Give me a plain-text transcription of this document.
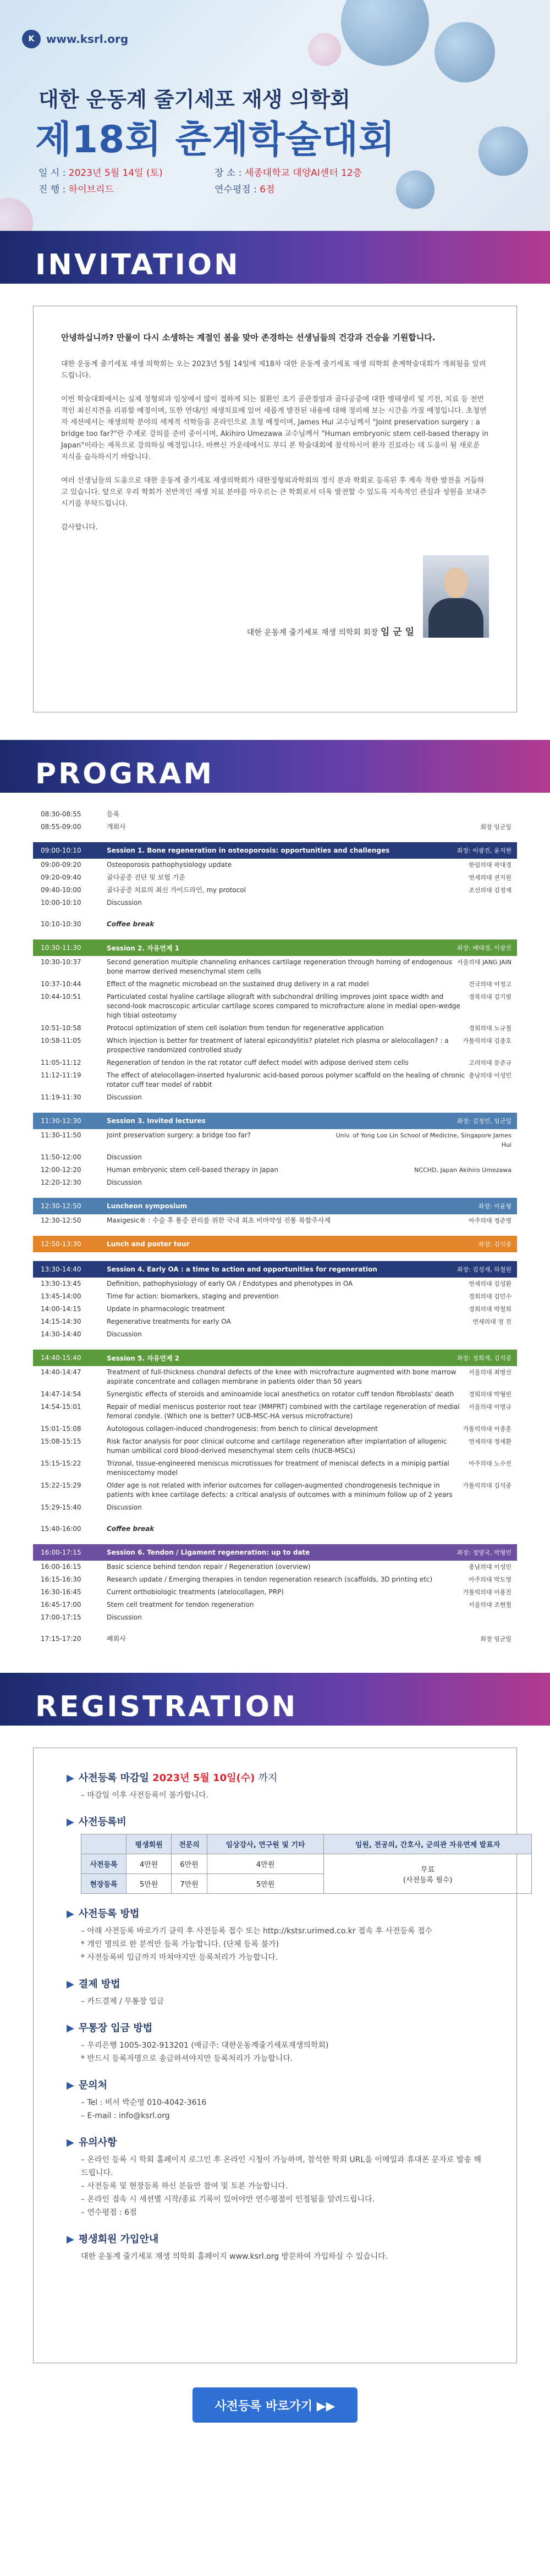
K	www.ksrl.org
대한 운동계 줄기세포 재생 의학회
제18회 춘계학술대회
일 시 : 2023년 5월 14일 (토)	장 소 : 세종대학교 대양AI센터 12층
진 행 : 하이브리드	연수평점 : 6점
INVITATION

안녕하십니까? 만물이 다시 소생하는 계절인 봄을 맞아 존경하는 선생님들의 건강과 건승을 기원합니다.

대한 운동계 줄기세포 재생 의학회는 오는 2023년 5월 14일에 제18차 대한 운동계 줄기세포 재생 의학회 춘계학술대회가 개최됨을 알려드립니다.

이번 학술대회에서는 실제 정형외과 임상에서 많이 접하게 되는 질환인 조기 골관절염과 골다공증에 대한 병태생리 및 기전, 치료 등 전반적인 최신지견을 리뷰할 예정이며, 또한 연대/인 재생치료에 있어 새롭게 발전된 내용에 대해 정리해 보는 시간을 가질 예정입니다. 초청연자 세션에서는 재생의학 분야의 세계적 석학들을 온라인으로 초청 예정이며, James Hui 교수님께서 "Joint preservation surgery : a bridge too far?"란 주제로 강의를 준비 중이시며, Akihiro Umezawa 교수님께서 "Human embryonic stem cell-based therapy in Japan"이라는 제목으로 강의하실 예정입니다. 바쁘신 가운데에서도 부디 본 학술대회에 참석하시어 환자 진료라는 데 도움이 될 새로운 지식을 습득하시기 바랍니다.

여러 선생님들의 도움으로 대한 운동계 줄기세포 재생의학회가 대한정형외과학회의 정식 분과 학회로 등록된 후 계속 착한 발전을 거듭하고 있습니다. 앞으로 우리 학회가 전반적인 재생 치료 분야를 아우르는 큰 학회로서 더욱 발전할 수 있도록 지속적인 관심과 성원을 보내주시기를 부탁드립니다.

감사합니다.

대한 운동계 줄기세포 재생 의학회 회장 임 군 일
PROGRAM
08:30-08:55	등록
08:55-09:00	개회사	회장 임군일
09:00-10:10	Session 1. Bone regeneration in osteoporosis: opportunities and challenges	좌장: 이광진, 윤지현
09:00-09:20	Osteoporosis pathophysiology update	한림의대 곽대경
09:20-09:40	골다공증 진단 및 보험 기준	연세의대 권지원
09:40-10:00	골다공증 치료의 최신 가이드라인, my protocol	조선의대 김정재
10:00-10:10	Discussion
10:10-10:30	Coffee break
10:30-11:30	Session 2. 자유연제 1	좌장: 배대경, 이광진
10:30-10:37	Second generation multiple channeling enhances cartilage regeneration through homing of endogenous bone marrow derived mesenchymal stem cells
서울의대 JANG JAIN
10:37-10:44	Effect of the magnetic microbead on the sustained drug delivery in a rat model	건국의대 이정고
10:44-10:51	Particulated costal hyaline cartilage allograft with subchondral drilling improves joint space width and second-look macroscopic articular cartilage scores compared to microfracture alone in medial open-wedge high tibial osteotomy
경북의대 김기범
10:51-10:58	Protocol optimization of stem cell isolation from tendon for regenerative application	경희의대 노규철
10:58-11:05	Which injection is better for treatment of lateral epicondylitis? platelet rich plasma or alelocollagen? : a prospective randomized controlled study
가톨릭의대 김종호
11:05-11:12	Regeneration of tendon in the rat rotator cuff defect model with adipose derived stem cells	고려의대 문준규
11:12-11:19	The effect of atelocollagen-inserted hyaluronic acid-based porous polymer scaffold on the healing of chronic rotator cuff tear model of rabbit
충남의대 이성민
11:19-11:30	Discussion
11:30-12:30	Session 3. Invited lectures	좌장: 김정민, 임군일
11:30-11:50	Joint preservation surgery: a bridge too far?	Univ. of Yong Loo Lin School of Medicine, Singapore James Hui
11:50-12:00	Discussion
12:00-12:20	Human embryonic stem cell-based therapy in Japan	NCCHD, Japan Akihiro Umezawa
12:20-12:30	Discussion
12:30-12:50	Luncheon symposium	좌장: 이윤형
12:30-12:50	Maxigesic® : 수술 후 통증 관리를 위한 국내 최초 비마약성 진통 복합주사제	아주의대 정준영
12:50-13:30	Lunch and poster tour	좌장: 김석중
13:30-14:40	Session 4. Early OA : a time to action and opportunities for regeneration	좌장: 김성재, 하철원
13:30-13:45	Definition, pathophysiology of early OA / Endotypes and phenotypes in OA	연세의대 김성환
13:45-14:00	Time for action: biomarkers, staging and prevention	경희의대 김민수
14:00-14:15	Update in pharmacologic treatment	경희의대 박철희
14:15-14:30	Regenerative treatments for early OA	연세의대 정 진
14:30-14:40	Discussion
14:40-15:40	Session 5. 자유연제 2	좌장: 정희재, 김석중
14:40-14:47	Treatment of full-thickness chondral defects of the knee with microfracture augmented with bone marrow aspirate concentrate and collagen membrane in patients older than 50 years
서울의대 최병선
14:47-14:54	Synergistic effects of steroids and aminoamide local anesthetics on rotator cuff tendon fibroblasts' death	경희의대 박형빈
14:54-15:01	Repair of medial meniscus posterior root tear (MMPRT) combined with the cartilage regeneration of medial femoral condyle. (Which one is better? UCB-MSC-HA versus microfracture)
서울의대 이명규
15:01-15:08	Autologous collagen-induced chondrogenesis: from bench to clinical development	가톨릭의대 이종훈
15:08-15:15	Risk factor analysis for poor clinical outcome and cartilage regeneration after implantation of allogenic human umbilical cord blood-derived mesenchymal stem cells (hUCB-MSCs)
연세의대 정세환
15:15-15:22	Trizonal, tissue-engineered meniscus microtissues for treatment of meniscal defects in a minipig partial meniscectomy model
아주의대 노수진
15:22-15:29	Older age is not related with inferior outcomes for collagen-augmented chondrogenesis technique in patients with knee cartilage defects: a critical analysis of outcomes with a minimum follow up of 2 years
가톨릭의대 김석중
15:29-15:40	Discussion
15:40-16:00	Coffee break
16:00-17:15	Session 6. Tendon / Ligament regeneration: up to date	좌장: 정양국, 박형빈
16:00-16:15	Basic science behind tendon repair / Regeneration (overview)	충남의대 이성민
16:15-16:30	Research update / Emerging therapies in tendon regeneration research (scaffolds, 3D printing etc)	아주의대 박도영
16:30-16:45	Current orthobiologic treatments (atelocollagen, PRP)	가톨릭의대 이용진
16:45-17:00	Stem cell treatment for tendon regeneration	서울의대 조현철
17:00-17:15	Discussion
17:15-17:20	폐회사	회장 임군일
REGISTRATION
▶ 사전등록 마감일 2023년 5월 10일(수) 까지
– 마감일 이후 사전등록이 불가합니다.
▶ 사전등록비
	평생회원	전문의	임상강사, 연구원 및 기타	임원, 전공의, 간호사, 군의관 자유연제 발표자
사전등록	4만원	6만원	4만원	무료
(사전등록 필수)

현장등록	5만원	7만원	5만원	
▶ 사전등록 방법
– 아래 사전등록 바로가기 클릭 후 사전등록 접수 또는 http://kstsr.urimed.co.kr 접속 후 사전등록 접수
* 개인 명의로 한 분씩만 등록 가능합니다. (단체 등록 불가)
* 사전등록비 입금까지 마쳐야지만 등록처리가 가능합니다.
▶ 결제 방법
– 카드결제 / 무통장 입금
▶ 무통장 입금 방법
– 우리은행 1005-302-913201 (예금주: 대한운동계줄기세포재생의학회)
* 반드시 등록자명으로 송금하셔야지만 등록처리가 가능합니다.
▶ 문의처
– Tel : 비서 박순영 010-4042-3616
– E-mail : info@ksrl.org
▶ 유의사항
– 온라인 등록 시 학회 홈페이지 로그인 후 온라인 시청이 가능하며, 참석한 학회 URL을 이메일과 휴대폰 문자로 발송 해 드립니다.
– 사전등록 및 현장등록 하신 분들만 참여 및 토론 가능합니다.
– 온라인 접속 시 세션별 시작/종료 기록이 있어야만 연수평점이 인정됨을 알려드립니다.
– 연수평점 : 6점
▶ 평생회원 가입안내
대한 운동계 줄기세포 재생 의학회 홈페이지 www.ksrl.org 방문하여 가입하실 수 있습니다.
사전등록 바로가기 ▶▶
